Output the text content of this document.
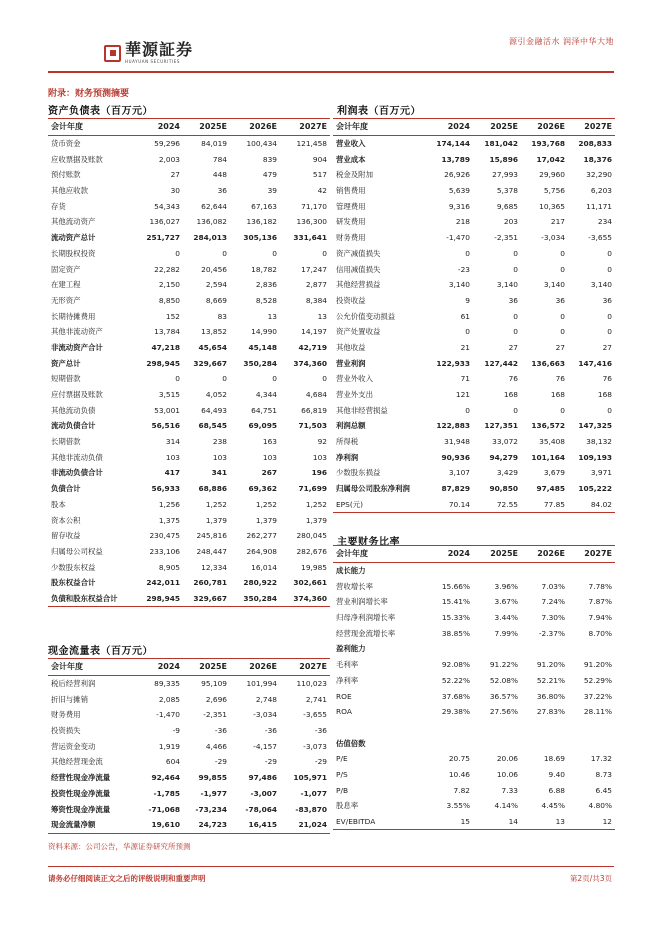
華源証券
HUAYUAN SECURITIES
源引金融活水 润泽中华大地
附录：财务预测摘要
资产负债表（百万元）
会计年度	2024	2025E	2026E	2027E
货币资金	59,296	84,019	100,434	121,458
应收票据及账款	2,003	784	839	904
预付账款	27	448	479	517
其他应收款	30	36	39	42
存货	54,343	62,644	67,163	71,170
其他流动资产	136,027	136,082	136,182	136,300
流动资产总计	251,727	284,013	305,136	331,641
长期股权投资	0	0	0	0
固定资产	22,282	20,456	18,782	17,247
在建工程	2,150	2,594	2,836	2,877
无形资产	8,850	8,669	8,528	8,384
长期待摊费用	152	83	13	13
其他非流动资产	13,784	13,852	14,990	14,197
非流动资产合计	47,218	45,654	45,148	42,719
资产总计	298,945	329,667	350,284	374,360
短期借款	0	0	0	0
应付票据及账款	3,515	4,052	4,344	4,684
其他流动负债	53,001	64,493	64,751	66,819
流动负债合计	56,516	68,545	69,095	71,503
长期借款	314	238	163	92
其他非流动负债	103	103	103	103
非流动负债合计	417	341	267	196
负债合计	56,933	68,886	69,362	71,699
股本	1,256	1,252	1,252	1,252
资本公积	1,375	1,379	1,379	1,379
留存收益	230,475	245,816	262,277	280,045
归属母公司权益	233,106	248,447	264,908	282,676
少数股东权益	8,905	12,334	16,014	19,985
股东权益合计	242,011	260,781	280,922	302,661
负债和股东权益合计	298,945	329,667	350,284	374,360
利润表（百万元）
会计年度	2024	2025E	2026E	2027E
营业收入	174,144	181,042	193,768	208,833
营业成本	13,789	15,896	17,042	18,376
税金及附加	26,926	27,993	29,960	32,290
销售费用	5,639	5,378	5,756	6,203
管理费用	9,316	9,685	10,365	11,171
研发费用	218	203	217	234
财务费用	-1,470	-2,351	-3,034	-3,655
资产减值损失	0	0	0	0
信用减值损失	-23	0	0	0
其他经营损益	3,140	3,140	3,140	3,140
投资收益	9	36	36	36
公允价值变动损益	61	0	0	0
资产处置收益	0	0	0	0
其他收益	21	27	27	27
营业利润	122,933	127,442	136,663	147,416
营业外收入	71	76	76	76
营业外支出	121	168	168	168
其他非经营损益	0	0	0	0
利润总额	122,883	127,351	136,572	147,325
所得税	31,948	33,072	35,408	38,132
净利润	90,936	94,279	101,164	109,193
少数股东损益	3,107	3,429	3,679	3,971
归属母公司股东净利润	87,829	90,850	97,485	105,222
EPS(元)	70.14	72.55	77.85	84.02
主要财务比率
会计年度	2024	2025E	2026E	2027E
成长能力				
营收增长率	15.66%	3.96%	7.03%	7.78%
营业利润增长率	15.41%	3.67%	7.24%	7.87%
归母净利润增长率	15.33%	3.44%	7.30%	7.94%
经营现金流增长率	38.85%	7.99%	-2.37%	8.70%
盈利能力				
毛利率	92.08%	91.22%	91.20%	91.20%
净利率	52.22%	52.08%	52.21%	52.29%
ROE	37.68%	36.57%	36.80%	37.22%
ROA	29.38%	27.56%	27.83%	28.11%

估值倍数				
P/E	20.75	20.06	18.69	17.32
P/S	10.46	10.06	9.40	8.73
P/B	7.82	7.33	6.88	6.45
股息率	3.55%	4.14%	4.45%	4.80%
EV/EBITDA	15	14	13	12
现金流量表（百万元）
会计年度	2024	2025E	2026E	2027E
税后经营利润	89,335	95,109	101,994	110,023
折旧与摊销	2,085	2,696	2,748	2,741
财务费用	-1,470	-2,351	-3,034	-3,655
投资损失	-9	-36	-36	-36
营运资金变动	1,919	4,466	-4,157	-3,073
其他经营现金流	604	-29	-29	-29
经营性现金净流量	92,464	99,855	97,486	105,971
投资性现金净流量	-1,785	-1,977	-3,007	-1,077
筹资性现金净流量	-71,068	-73,234	-78,064	-83,870
现金流量净额	19,610	24,723	16,415	21,024
资料来源：公司公告，华源证券研究所预测
请务必仔细阅读正文之后的评级说明和重要声明	第2页/共3页
